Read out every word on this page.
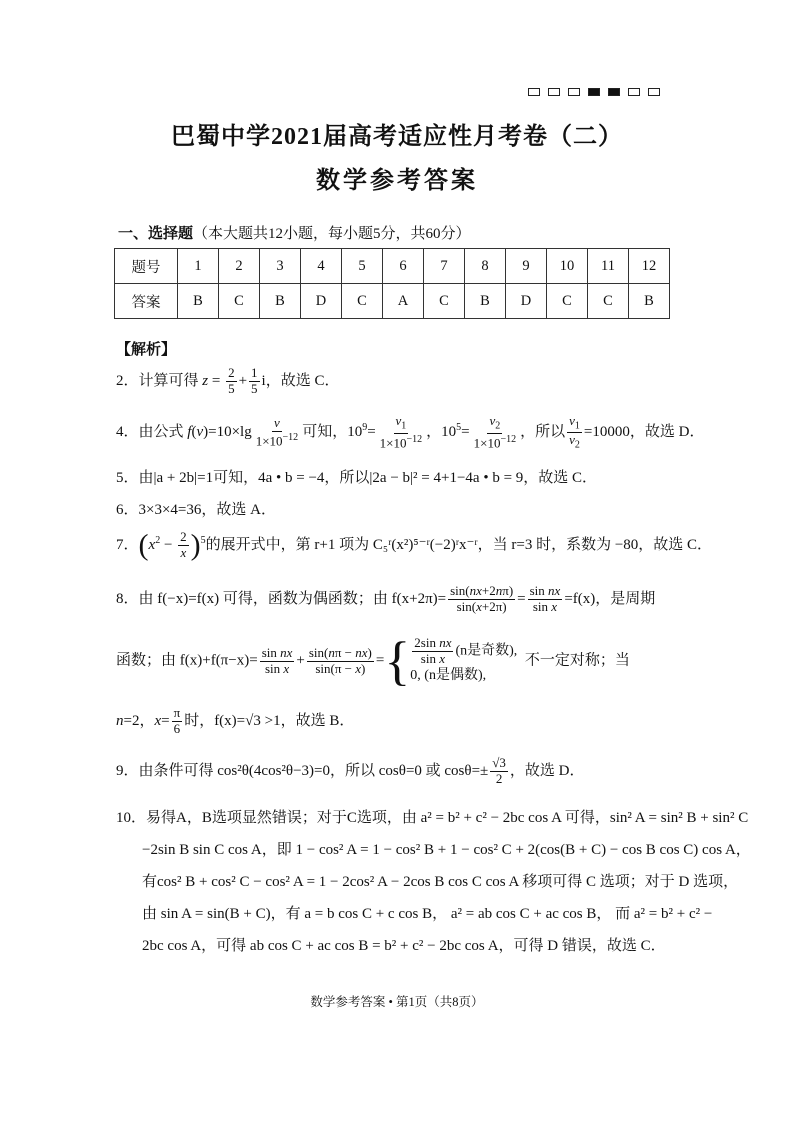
巴蜀中学2021届高考适应性月考卷（二）
数学参考答案
一、选择题（本大题共12小题，每小题5分，共60分）
题号	1	2	3	4	5	6	7	8	9	10	11	12
答案	B	C	B	D	C	A	C	B	D	C	C	B
【解析】
2．计算可得 $z = \frac{2}{5} + \frac{1}{5}$ i，故选 C．
4．由公式 $f(v)=10\times\lg \frac{v}{1\times 10^{-12}}$ 可知，$10^9= \frac{v_1}{1\times 10^{-12}}$ ，$10^5= \frac{v_2}{1\times 10^{-12}}$ ，所以 $\frac{v_1}{v_2} =10000$，故选 D．
5．由|a + 2b|=1可知，4a • b = −4，所以|2a − b|² = 4+1−4a • b = 9，故选 C．
6．3×3×4=36，故选 A．
7．$(x^2 - \frac{2}{x} )^5$的展开式中，第 r+1 项为 C₅ʳ(x²)⁵⁻ʳ(−2)ʳx⁻ʳ，当 r=3 时，系数为 −80，故选 C．
8．由 f(−x)=f(x) 可得，函数为偶函数；由 $f(x+2\pi)= \frac{\sin(nx+2n\pi)}{\sin(x+2\pi)} = \frac{\text{sin nx}}{\text{sin x}} =f(x)$，是周期
函数；由 $f(x)+f(\pi-x)= \frac{\text{sin nx}}{\text{sin x}} + \frac{\sin(n\pi - nx)}{\sin(\pi - x)}$ ={ $\frac{\text{2sin nx}}{\text{sin x}} (n$是奇数),
0, (n是偶数),
不一定对称；当
n=2，$x= \frac{\pi}{6}$ 时，f(x)=√3 >1，故选 B．
9．由条件可得 cos²θ(4cos²θ−3)=0，所以 cosθ=0 或 $\cos\theta=\pm \frac{√3}{2}$ ，故选 D．
10．易得A，B选项显然错误；对于C选项，由 a² = b² + c² − 2bc cos A 可得，sin² A = sin² B + sin² C
−2sin B sin C cos A，即 1 − cos² A = 1 − cos² B + 1 − cos² C + 2(cos(B + C) − cos B cos C) cos A，
有cos² B + cos² C − cos² A = 1 − 2cos² A − 2cos B cos C cos A 移项可得 C 选项；对于 D 选项，
由 sin A = sin(B + C)，有 a = b cos C + c cos B， a² = ab cos C + ac cos B， 而 a² = b² + c² −
2bc cos A，可得 ab cos C + ac cos B = b² + c² − 2bc cos A，可得 D 错误，故选 C．
数学参考答案 • 第1页（共8页）
